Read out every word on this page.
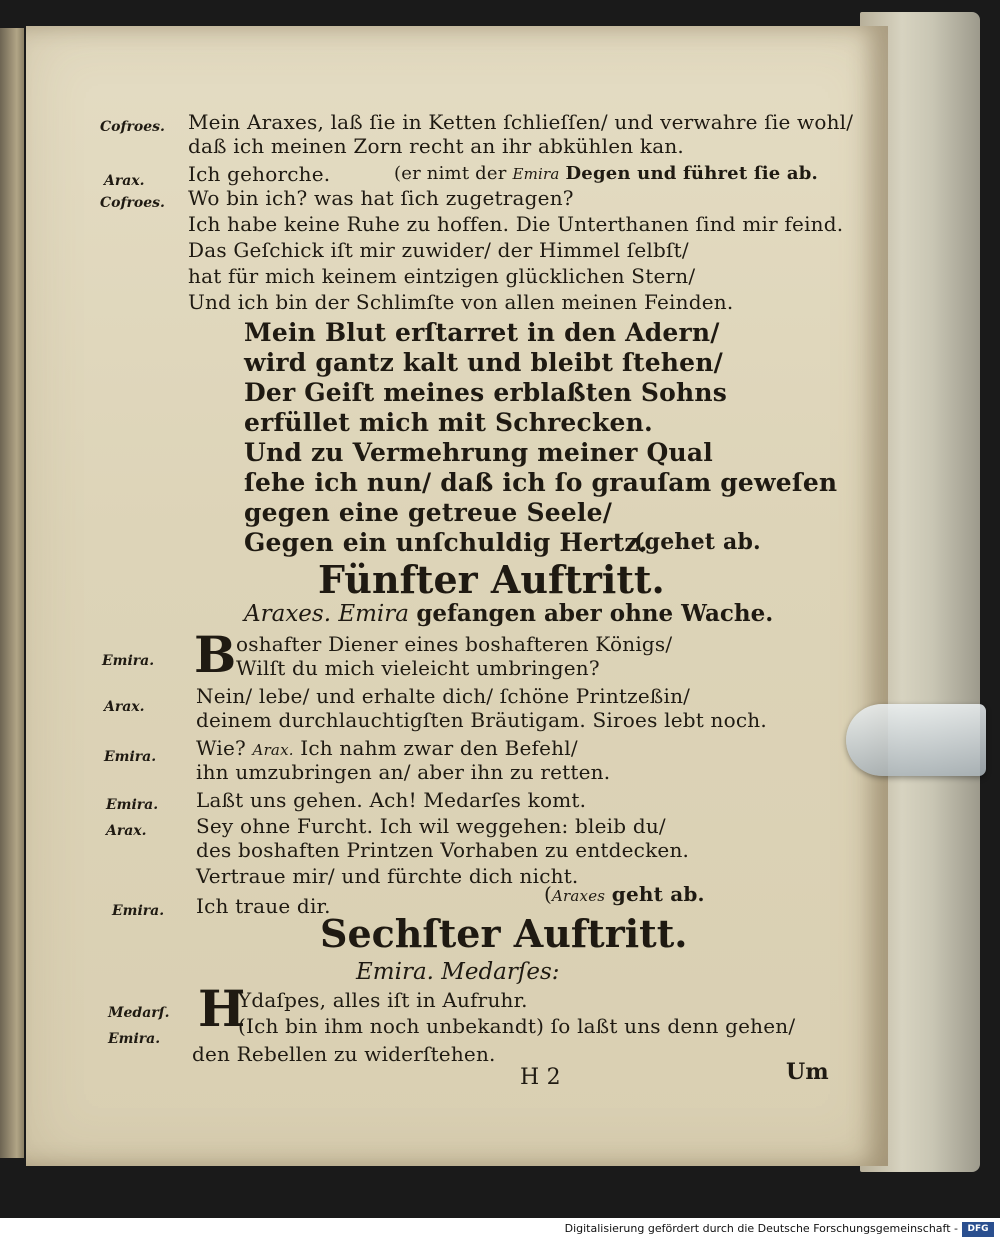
Cofroes. Mein Araxes, laß ſie in Ketten ſchlieſſen/ und verwahre ſie wohl/
daß ich meinen Zorn recht an ihr abkühlen kan.
Arax. Ich gehorche.	(er nimt der Emira Degen und führet ſie ab.
Cofroes. Wo bin ich? was hat ſich zugetragen?
Ich habe keine Ruhe zu hoffen. Die Unterthanen ſind mir feind.
Das Geſchick iſt mir zuwider/ der Himmel ſelbſt/
hat für mich keinem eintzigen glücklichen Stern/
Und ich bin der Schlimſte von allen meinen Feinden.
Mein Blut erſtarret in den Adern/
wird gantz kalt und bleibt ſtehen/
Der Geiſt meines erblaßten Sohns
erfüllet mich mit Schrecken.
Und zu Vermehrung meiner Qual
ſehe ich nun/ daß ich ſo grauſam geweſen
gegen eine getreue Seele/
Gegen ein unſchuldig Hertz.
(gehet ab.
Fünfter Auftritt.
Araxes. Emira gefangen aber ohne Wache.
Emira. B oshafter Diener eines boshafteren Königs/
Wilſt du mich vieleicht umbringen?
Arax.	Nein/ lebe/ und erhalte dich/ ſchöne Printzeßin/
deinem durchlauchtigſten Bräutigam. Siroes lebt noch.
Emira. Wie? Arax. Ich nahm zwar den Befehl/
ihn umzubringen an/ aber ihn zu retten.
Emira. Laßt uns gehen. Ach! Medarſes komt.
Arax. Sey ohne Furcht. Ich wil weggehen: bleib du/
des boshaften Printzen Vorhaben zu entdecken.
Vertraue mir/ und fürchte dich nicht.
Emira. Ich traue dir.	(Araxes geht ab.
Sechſter Auftritt.
Emira. Medarſes:
Medarſ. H
Ydaſpes, alles iſt in Aufruhr.
Emira.
(Ich bin ihm noch unbekandt) ſo laßt uns denn gehen/
den Rebellen zu widerſtehen.
H 2	Um
Digitalisierung gefördert durch die Deutsche Forschungsgemeinschaft -	DFG
